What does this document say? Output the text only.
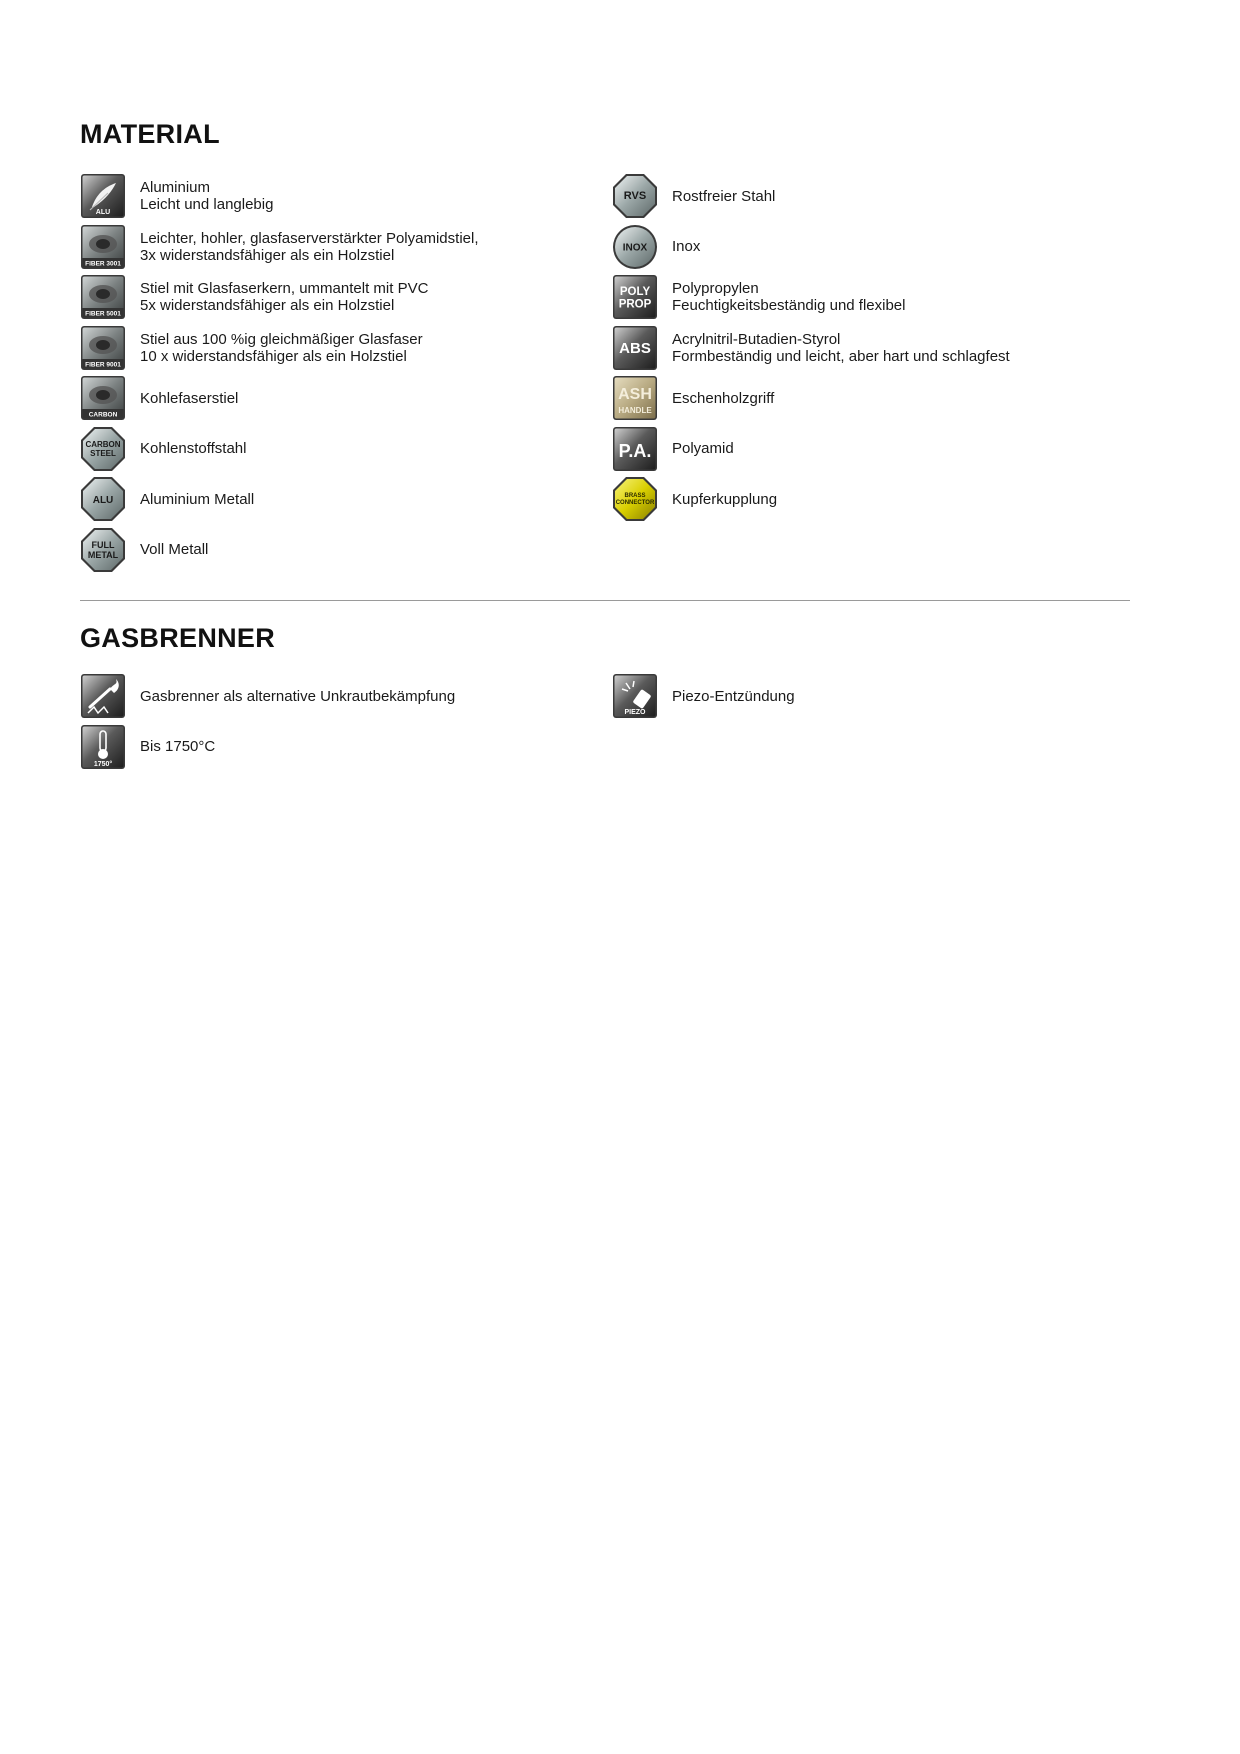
MATERIAL
ALU
Aluminium
Leicht und langlebig
FIBER 3001
Leichter, hohler, glasfaserverstärkter Polyamidstiel,
3x widerstandsfähiger als ein Holzstiel
FIBER 5001
Stiel mit Glasfaserkern, ummantelt mit PVC
5x widerstandsfähiger als ein Holzstiel
FIBER 9001
Stiel aus 100 %ig gleichmäßiger Glasfaser
10 x widerstandsfähiger als ein Holzstiel
CARBON
Kohlefaserstiel
CARBON STEEL	Kohlenstoffstahl
ALU Aluminium Metall
FULL METAL Voll Metall
RVS Rostfreier Stahl
INOX Inox
POLY PROP
Polypropylen
Feuchtigkeitsbeständig und flexibel
ABS
Acrylnitril-Butadien-Styrol
Formbeständig und leicht, aber hart und schlagfest
ASH
HANDLE
Eschenholzgriff
P.A. Polyamid
BRASS CONNECTOR Kupferkupplung
GASBRENNER
Gasbrenner als alternative Unkrautbekämpfung
1750°
Bis 1750°C
PIEZO
Piezo-Entzündung
